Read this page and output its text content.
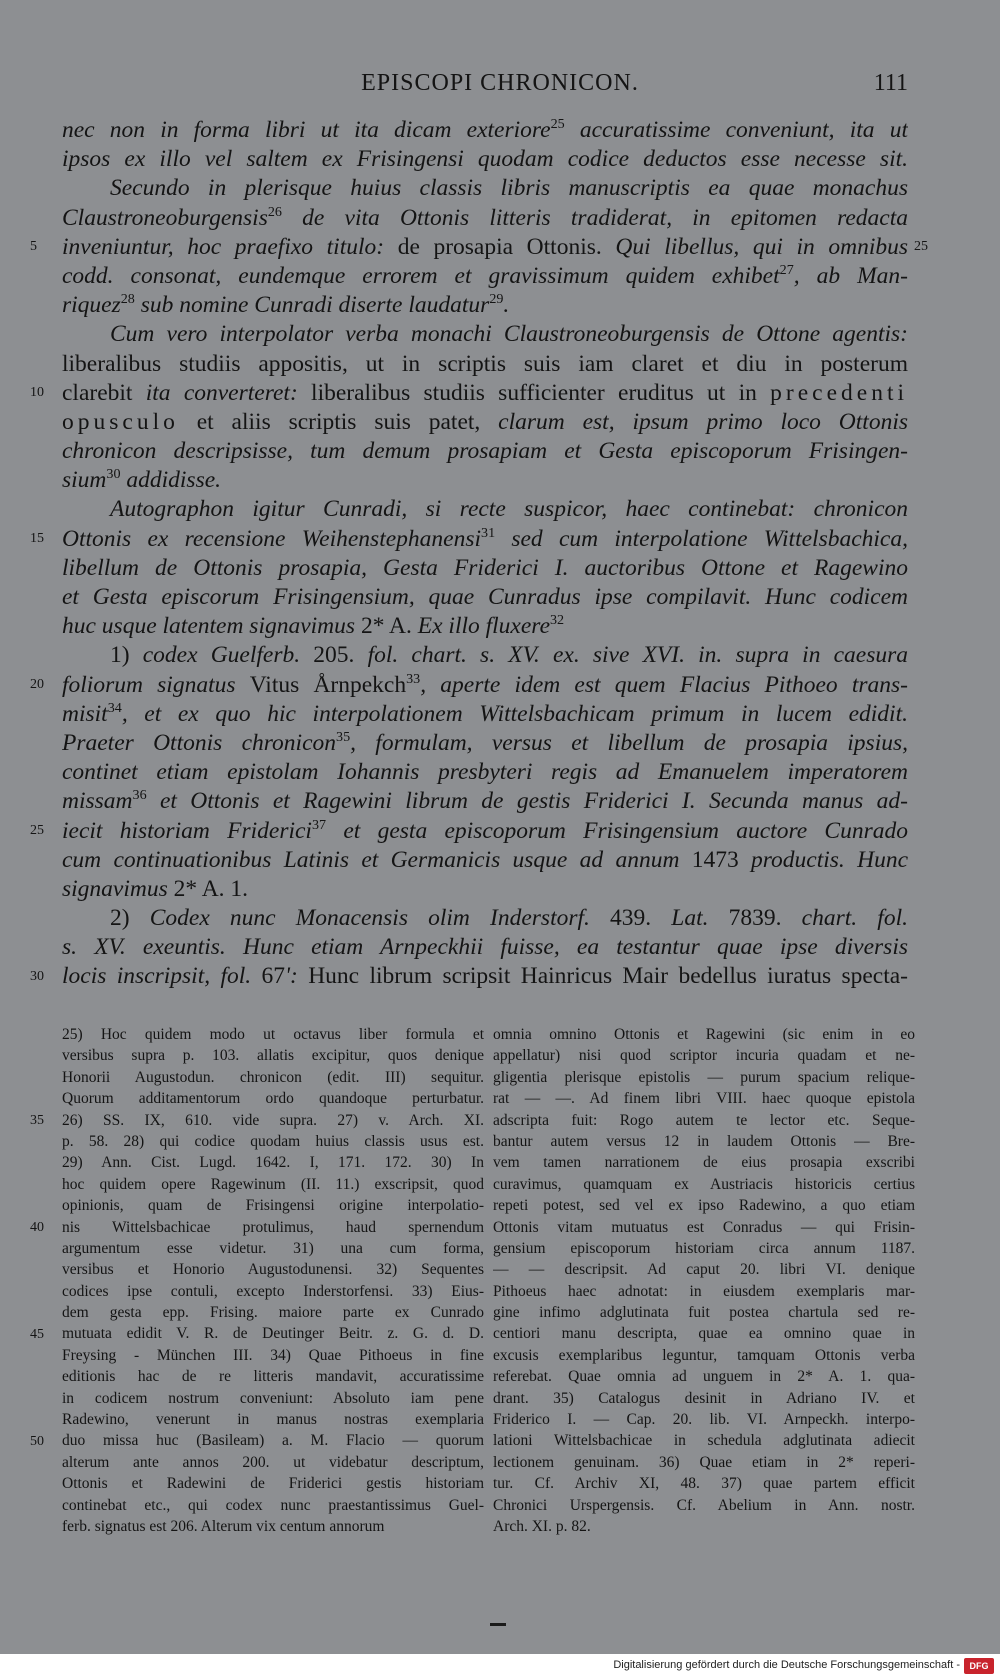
EPISCOPI CHRONICON.	111
nec non in forma libri ut ita dicam exteriore$^{25}$ accuratissime conveniunt, ita ut
ipsos ex illo vel saltem ex Frisingensi quodam codice deductos esse necesse sit.
Secundo in plerisque huius classis libris manuscriptis ea quae monachus
Claustroneoburgensis$^{26}$ de vita Ottonis litteris tradiderat, in epitomen redacta
inveniuntur, hoc praefixo titulo: de prosapia Ottonis. Qui libellus, qui in omnibus
codd. consonat, eundemque errorem et gravissimum quidem exhibet$^{27}$, ab Man-
riquez$^{28}$ sub nomine Cunradi diserte laudatur$^{29}$.
Cum vero interpolator verba monachi Claustroneoburgensis de Ottone agentis:
liberalibus studiis appositis, ut in scriptis suis iam claret et diu in posterum
clarebit ita converteret: liberalibus studiis sufficienter eruditus ut in precedenti
opusculo et aliis scriptis suis patet, clarum est, ipsum primo loco Ottonis
chronicon descripsisse, tum demum prosapiam et Gesta episcoporum Frisingen-
sium$^{30}$ addidisse.
Autographon igitur Cunradi, si recte suspicor, haec continebat: chronicon
Ottonis ex recensione Weihenstephanensi$^{31}$ sed cum interpolatione Wittelsbachica,
libellum de Ottonis prosapia, Gesta Friderici I. auctoribus Ottone et Ragewino
et Gesta episcorum Frisingensium, quae Cunradus ipse compilavit. Hunc codicem
huc usque latentem signavimus 2* A. Ex illo fluxere$^{32}$
1) codex Guelferb. 205. fol. chart. s. XV. ex. sive XVI. in. supra in caesura
foliorum signatus Vitus Årnpekch$^{33}$, aperte idem est quem Flacius Pithoeo trans-
misit$^{34}$, et ex quo hic interpolationem Wittelsbachicam primum in lucem edidit.
Praeter Ottonis chronicon$^{35}$, formulam, versus et libellum de prosapia ipsius,
continet etiam epistolam Iohannis presbyteri regis ad Emanuelem imperatorem
missam$^{36}$ et Ottonis et Ragewini librum de gestis Friderici I. Secunda manus ad-
iecit historiam Friderici$^{37}$ et gesta episcoporum Frisingensium auctore Cunrado
cum continuationibus Latinis et Germanicis usque ad annum 1473 productis. Hunc
signavimus 2* A. 1.
2) Codex nunc Monacensis olim Inderstorf. 439. Lat. 7839. chart. fol.
s. XV. exeuntis. Hunc etiam Arnpeckhii fuisse, ea testantur quae ipse diversis
locis inscripsit, fol. 67': Hunc librum scripsit Hainricus Mair bedellus iuratus specta-
5
10
15
20
25
30
25
25) Hoc quidem modo ut octavus liber formula et
versibus supra p. 103. allatis excipitur, quos denique
Honorii Augustodun. chronicon (edit. III) sequitur.
Quorum additamentorum ordo quandoque perturbatur.
26) SS. IX, 610. vide supra. 27) v. Arch. XI.
p. 58. 28) qui codice quodam huius classis usus est.
29) Ann. Cist. Lugd. 1642. I, 171. 172. 30) In
hoc quidem opere Ragewinum (II. 11.) exscripsit, quod
opinionis, quam de Frisingensi origine interpolatio-
nis Wittelsbachicae protulimus, haud spernendum
argumentum esse videtur. 31) una cum forma,
versibus et Honorio Augustodunensi. 32) Sequentes
codices ipse contuli, excepto Inderstorfensi. 33) Eius-
dem gesta epp. Frising. maiore parte ex Cunrado
mutuata edidit V. R. de Deutinger Beitr. z. G. d. D.
Freysing - München III. 34) Quae Pithoeus in fine
editionis hac de re litteris mandavit, accuratissime
in codicem nostrum conveniunt: Absoluto iam pene
Radewino, venerunt in manus nostras exemplaria
duo missa huc (Basileam) a. M. Flacio — quorum
alterum ante annos 200. ut videbatur descriptum,
Ottonis et Radewini de Friderici gestis historiam
continebat etc., qui codex nunc praestantissimus Guel-
ferb. signatus est 206. Alterum vix centum annorum
omnia omnino Ottonis et Ragewini (sic enim in eo
appellatur) nisi quod scriptor incuria quadam et ne-
gligentia plerisque epistolis — purum spacium relique-
rat — —. Ad finem libri VIII. haec quoque epistola
adscripta fuit: Rogo autem te lector etc. Seque-
bantur autem versus 12 in laudem Ottonis — Bre-
vem tamen narrationem de eius prosapia exscribi
curavimus, quamquam ex Austriacis historicis certius
repeti potest, sed vel ex ipso Radewino, a quo etiam
Ottonis vitam mutuatus est Conradus — qui Frisin-
gensium episcoporum historiam circa annum 1187.
— — descripsit. Ad caput 20. libri VI. denique
Pithoeus haec adnotat: in eiusdem exemplaris mar-
gine infimo adglutinata fuit postea chartula sed re-
centiori manu descripta, quae ea omnino quae in
excusis exemplaribus leguntur, tamquam Ottonis verba
referebat. Quae omnia ad unguem in 2* A. 1. qua-
drant. 35) Catalogus desinit in Adriano IV. et
Friderico I. — Cap. 20. lib. VI. Arnpeckh. interpo-
lationi Wittelsbachicae in schedula adglutinata adiecit
lectionem genuinam. 36) Quae etiam in 2* reperi-
tur. Cf. Archiv XI, 48. 37) quae partem efficit
Chronici Urspergensis. Cf. Abelium in Ann. nostr.
Arch. XI. p. 82.
35
40
45
50
Digitalisierung gefördert durch die Deutsche Forschungsgemeinschaft -	DFG
